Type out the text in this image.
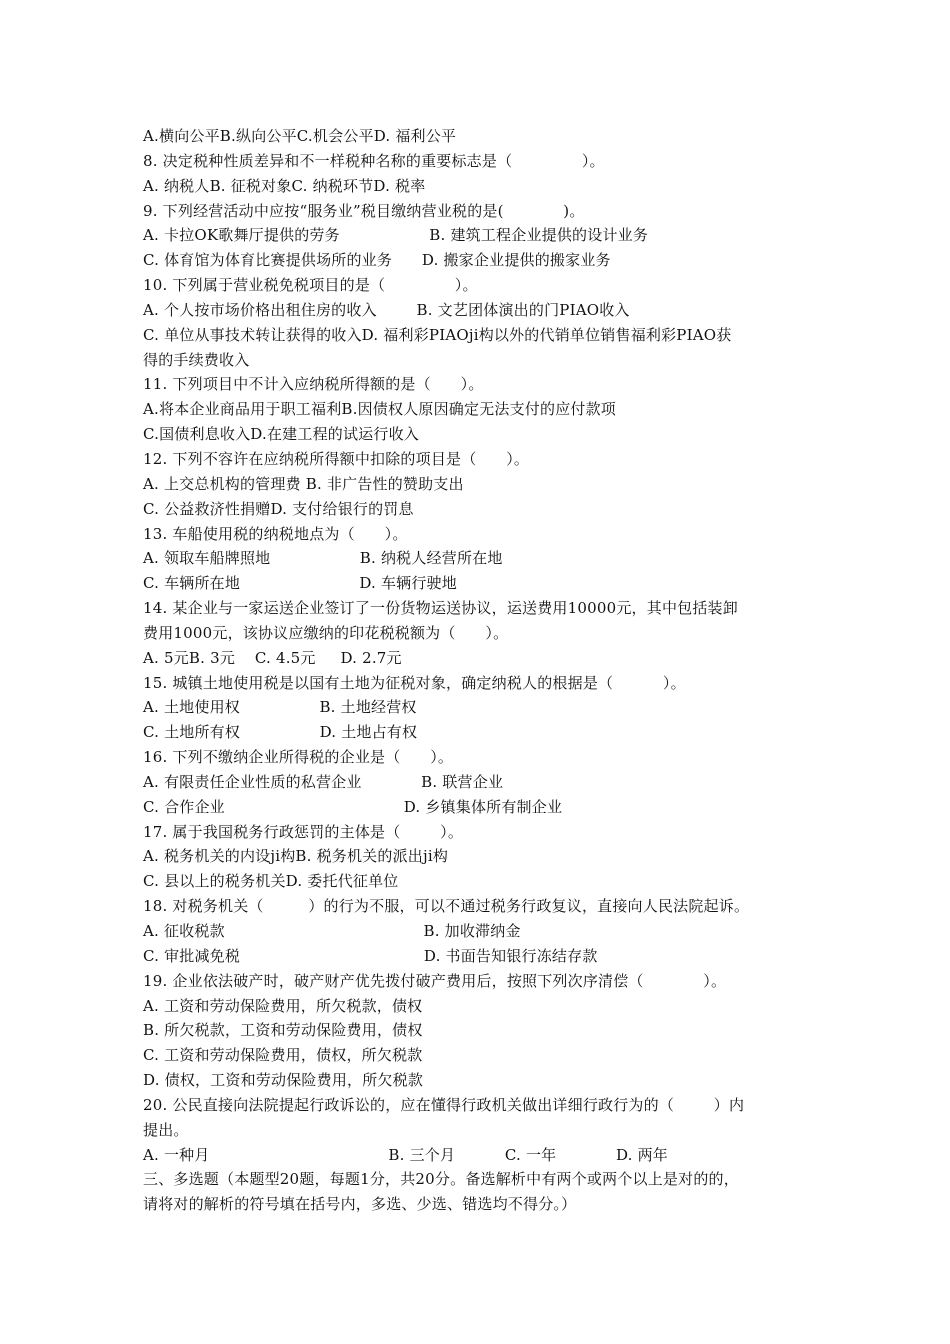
A.横向公平B.纵向公平C.机会公平D. 福利公平
8. 决定税种性质差异和不一样税种名称的重要标志是（              ）。
A. 纳税人B. 征税对象C. 纳税环节D. 税率
9. 下列经营活动中应按“服务业”税目缴纳营业税的是(            )。
A. 卡拉OK歌舞厅提供的劳务                  B. 建筑工程企业提供的设计业务
C. 体育馆为体育比赛提供场所的业务      D. 搬家企业提供的搬家业务
10. 下列属于营业税免税项目的是（              ）。
A. 个人按市场价格出租住房的收入        B. 文艺团体演出的门PIAO收入
C. 单位从事技术转让获得的收入D. 福利彩PIAOji构以外的代销单位销售福利彩PIAO获
得的手续费收入
11. 下列项目中不计入应纳税所得额的是（      ）。
A.将本企业商品用于职工福利B.因债权人原因确定无法支付的应付款项
C.国债利息收入D.在建工程的试运行收入
12. 下列不容许在应纳税所得额中扣除的项目是（      ）。
A. 上交总机构的管理费 B. 非广告性的赞助支出
C. 公益救济性捐赠D. 支付给银行的罚息
13. 车船使用税的纳税地点为（      ）。
A. 领取车船牌照地                  B. 纳税人经营所在地
C. 车辆所在地                        D. 车辆行驶地
14. 某企业与一家运送企业签订了一份货物运送协议，运送费用10000元，其中包括装卸
费用1000元，该协议应缴纳的印花税税额为（      ）。
A. 5元B. 3元    C. 4.5元     D. 2.7元
15. 城镇土地使用税是以国有土地为征税对象，确定纳税人的根据是（          ）。
A. 土地使用权                B. 土地经营权
C. 土地所有权                D. 土地占有权
16. 下列不缴纳企业所得税的企业是（      ）。
A. 有限责任企业性质的私营企业            B. 联营企业
C. 合作企业                                    D. 乡镇集体所有制企业
17. 属于我国税务行政惩罚的主体是（        ）。
A. 税务机关的内设ji构B. 税务机关的派出ji构
C. 县以上的税务机关D. 委托代征单位
18. 对税务机关（         ）的行为不服，可以不通过税务行政复议，直接向人民法院起诉。
A. 征收税款                                        B. 加收滞纳金
C. 审批减免税                                     D. 书面告知银行冻结存款
19. 企业依法破产时，破产财产优先拨付破产费用后，按照下列次序清偿（            ）。
A. 工资和劳动保险费用，所欠税款，债权
B. 所欠税款，工资和劳动保险费用，债权
C. 工资和劳动保险费用，债权，所欠税款
D. 债权，工资和劳动保险费用，所欠税款
20. 公民直接向法院提起行政诉讼的，应在懂得行政机关做出详细行政行为的（        ）内
提出。
A. 一种月                                    B. 三个月          C. 一年            D. 两年
三、多选题（本题型20题，每题1分，共20分。备选解析中有两个或两个以上是对的的，
请将对的解析的符号填在括号内，多选、少选、错选均不得分。）
